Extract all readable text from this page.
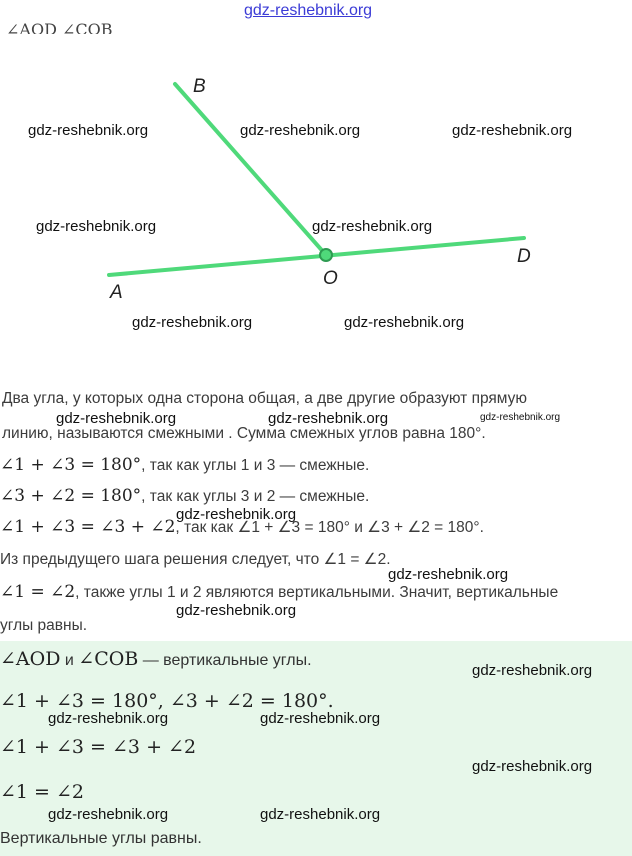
gdz-reshebnik.org
∠AOD ∠COB
B
A
O
D
Два угла, у которых одна сторона общая, а две другие образуют прямую
линию, называются смежными . Сумма смежных углов равна 180°.
∠1 + ∠3 = 180°, так как углы 1 и 3 — смежные.
∠3 + ∠2 = 180°, так как углы 3 и 2 — смежные.
∠1 + ∠3 = ∠3 + ∠2, так как ∠1 + ∠3 = 180° и ∠3 + ∠2 = 180°.
Из предыдущего шага решения следует, что ∠1 = ∠2.
∠1 = ∠2, также углы 1 и 2 являются вертикальными. Значит, вертикальные
углы равны.
∠AOD и ∠COB — вертикальные углы.
∠1 + ∠3 = 180°, ∠3 + ∠2 = 180°.
∠1 + ∠3 = ∠3 + ∠2
∠1 = ∠2
Вертикальные углы равны.
gdz-reshebnik.org	gdz-reshebnik.org	gdz-reshebnik.org
gdz-reshebnik.org	gdz-reshebnik.org
gdz-reshebnik.org	gdz-reshebnik.org
gdz-reshebnik.org	gdz-reshebnik.org	gdz-reshebnik.org
gdz-reshebnik.org
gdz-reshebnik.org
gdz-reshebnik.org
gdz-reshebnik.org
gdz-reshebnik.org	gdz-reshebnik.org
gdz-reshebnik.org
gdz-reshebnik.org	gdz-reshebnik.org
